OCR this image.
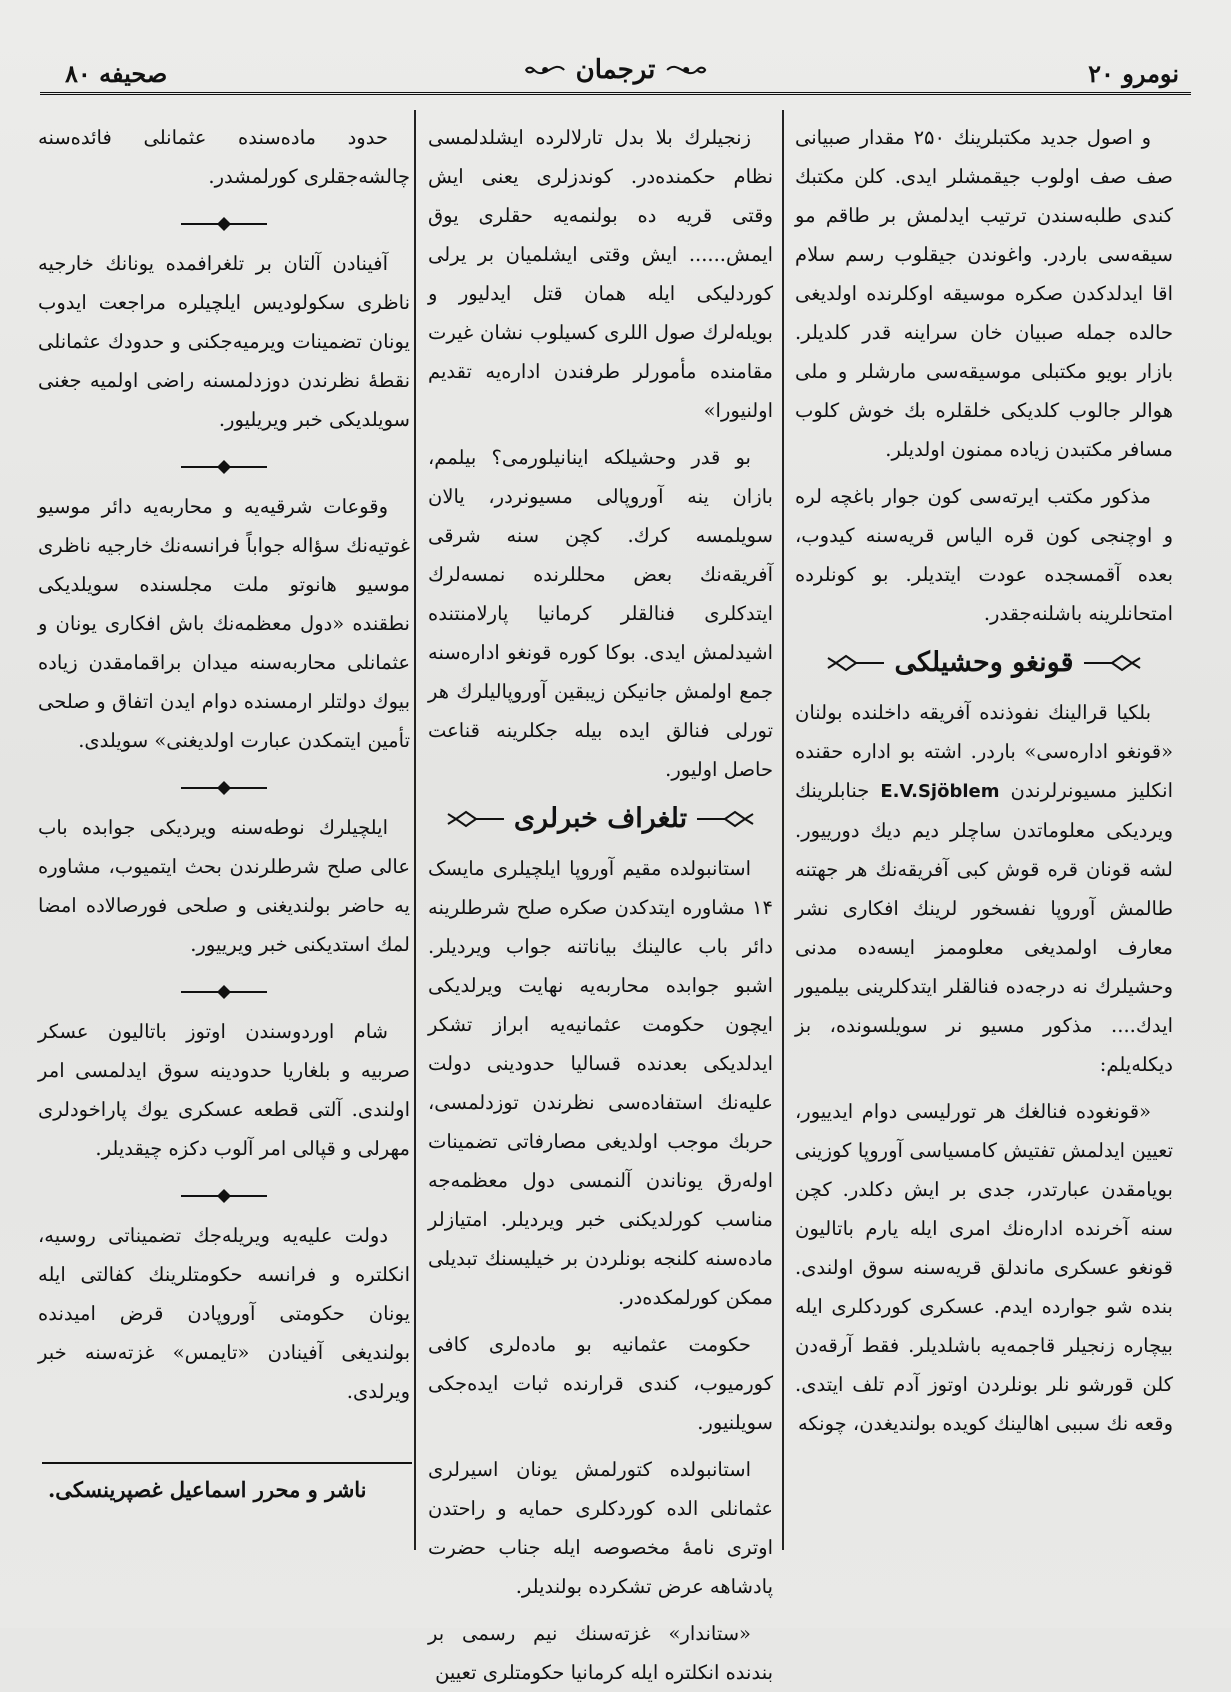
صحیفه ۸۰	ترجمان	نومرو ۲۰

و اصول جدید مکتبلرینك ۲۵۰ مقدار صبیانی صف صف اولوب جیقمشلر ایدی. کلن مکتبك کندی طلبه‌سندن ترتیب ایدلمش بر طاقم مو سیقه‌سی باردر. واغوندن جیقلوب رسم سلام اقا ایدلدکدن صکره موسیقه اوکلرنده اولدیغی حالده جمله صبیان خان سراینه قدر کلدیلر. بازار بویو مکتبلی موسیقه‌سی مارشلر و ملی هوالر جالوب کلدیکی خلقلره بك خوش کلوب مسافر مکتبدن زیاده ممنون اولدیلر.

مذکور مکتب ایرته‌سی کون جوار باغچه لره و اوچنجی کون قره الیاس قریه‌سنه کیدوب، بعده آقمسجده عودت ایتدیلر. بو کونلرده امتحانلرینه باشلنه‌جقدر.

قونغو وحشیلکی

بلکیا قرالینك نفوذنده آفریقه داخلنده بولنان «قونغو اداره‌سی» باردر. اشته بو اداره حقنده انکلیز مسیونرلرندن E.V.Sjöblem جنابلرینك ویردیکی معلوماتدن ساچلر دیم دیك دورییور. لشه قونان قره قوش کبی آفریقه‌نك هر جهتنه طالمش آوروپا نفسخور لرینك افکاری نشر معارف اولمدیغی معلوممز ایسه‌ده مدنی وحشیلرك نه درجه‌ده فنالقلر ایتدکلرینی بیلمیور ایدك.... مذکور مسیو نر سویلسونده، بز دیکله‌یلم:

«قونغوده فنالغك هر تورلیسی دوام ایدییور، تعیین ایدلمش تفتیش کامسیاسی آوروپا کوزینی بویامقدن عبارتدر، جدی بر ایش دکلدر. کچن سنه آخرنده اداره‌نك امری ایله یارم باتالیون قونغو عسکری ماندلق قریه‌سنه سوق اولندی. بنده شو جوارده ایدم. عسکری کوردکلری ایله بیچاره زنجیلر قاجمه‌یه باشلدیلر. فقط آرقه‌دن کلن قورشو نلر بونلردن اوتوز آدم تلف ایتدی. وقعه نك سببی اهالینك کویده بولندیغدن، چونکه

زنجیلرك بلا بدل تارلالرده ایشلدلمسی نظام حکمنده‌در. کوندزلری یعنی ایش وقتی قریه ده بولنمه‌یه حقلری یوق ایمش...... ایش وقتی ایشلمیان بر یرلی کوردلیکی ایله همان قتل ایدلیور و بویله‌لرك صول اللری کسیلوب نشان غیرت مقامنده مأمورلر طرفندن اداره‌یه تقدیم اولنیورا»

بو قدر وحشیلکه اینانیلورمی؟ بیلمم، بازان ینه آوروپالی مسیونردر، یالان سویلمسه کرك. کچن سنه شرقی آفریقه‌نك بعض محللرنده نمسه‌لرك ایتدکلری فنالقلر کرمانیا پارلامنتنده اشیدلمش ایدی. بوکا کوره قونغو اداره‌سنه جمع اولمش جانیکن زیبقین آوروپالیلرك هر تورلی فنالق ایده بیله جکلرینه قناعت حاصل اولیور.

تلغراف خبرلری

استانبولده مقیم آوروپا ایلچیلری مایسک ۱۴ مشاوره ایتدکدن صکره صلح شرطلرینه دائر باب عالینك بیاناتنه جواب ویردیلر. اشبو جوابده محاربه‌یه نهایت ویرلدیکی ایچون حکومت عثمانیه‌یه ابراز تشکر ایدلدیکی بعدنده قسالیا حدودینی دولت علیه‌نك استفاده‌سی نظرندن توزدلمسی، حربك موجب اولدیغی مصارفاتی تضمینات اوله‌رق یوناندن آلنمسی دول معظمه‌جه مناسب کورلدیکنی خبر ویردیلر. امتیازلر ماده‌سنه کلنجه بونلردن بر خیلیسنك تبدیلی ممکن کورلمکده‌در.

حکومت عثمانیه بو ماده‌لری کافی کورمیوب، کندی قرارنده ثبات ایده‌جکی سویلنیور.

استانبولده کتورلمش یونان اسیرلری عثمانلی الده کوردکلری حمایه و راحتدن اوتری نامهٔ مخصوصه ایله جناب حضرت پادشاهه عرض تشکرده بولندیلر.

«ستاندار» غزته‌سنك نیم رسمی بر بندنده انکلتره ایله کرمانیا حکومتلری تعیین

حدود ماده‌سنده عثمانلی فائده‌سنه چالشه‌جقلری کورلمشدر.

آفینادن آلتان بر تلغرافمده یونانك خارجیه ناظری سکولودیس ایلچیلره مراجعت ایدوب یونان تضمینات ویرمیه‌جکنی و حدودك عثمانلی نقطهٔ نظرندن دوزدلمسنه راضی اولمیه جغنی سویلدیکی خبر ویریلیور.

وقوعات شرقیه‌یه و محاربه‌یه دائر موسیو غوتیه‌نك سؤاله جواباً فرانسه‌نك خارجیه ناظری موسیو هانوتو ملت مجلسنده سویلدیکی نطقنده «دول معظمه‌نك باش افکاری یونان و عثمانلی محاربه‌سنه میدان براقمامقدن زیاده بیوك دولتلر ارمسنده دوام ایدن اتفاق و صلحی تأمین ایتمکدن عبارت اولدیغنی» سویلدی.

ایلچیلرك نوطه‌سنه ویردیکی جوابده باب عالی صلح شرطلرندن بحث ایتمیوب، مشاوره یه حاضر بولندیغنی و صلحی فورصالاده امضا لمك استدیکنی خبر ویرییور.

شام اوردوسندن اوتوز باتالیون عسکر صربیه و بلغاریا حدودینه سوق ایدلمسی امر اولندی. آلتی قطعه عسکری یوك پاراخودلری مهرلی و قپالی امر آلوب دکزه چیقدیلر.

دولت علیه‌یه ویریله‌جك تضمیناتی روسیه، انکلتره و فرانسه حکومتلرینك کفالتی ایله یونان حکومتی آوروپادن قرض امیدنده بولندیغی آفینادن «تایمس» غزته‌سنه خبر ویرلدی.

ناشر و محرر اسماعیل غصپرینسکی.
